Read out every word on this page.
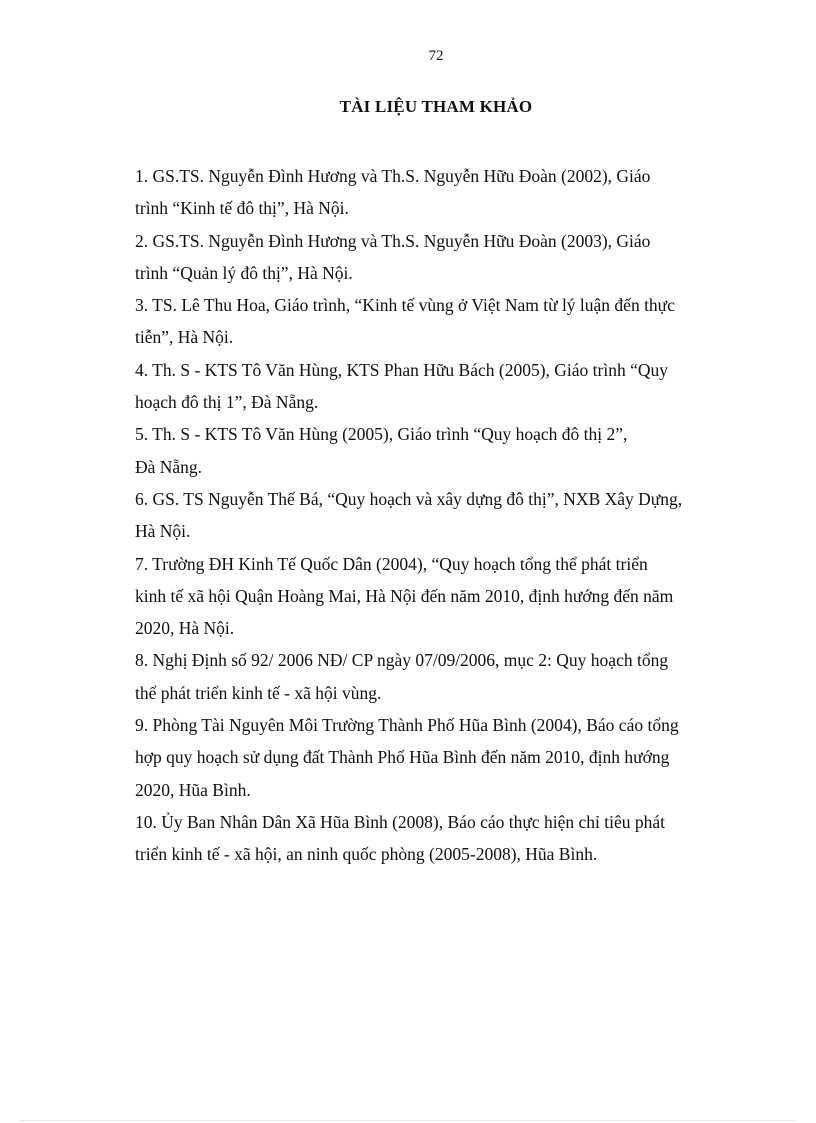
72
TÀI LIỆU THAM KHẢO
1. GS.TS. Nguyễn Đình Hương và Th.S. Nguyễn Hữu Đoàn (2002), Giáo
trình “Kinh tế đô thị”, Hà Nội.
2. GS.TS. Nguyễn Đình Hương và Th.S. Nguyễn Hữu Đoàn (2003), Giáo
trình “Quản lý đô thị”, Hà Nội.
3. TS. Lê Thu Hoa, Giáo trình, “Kinh tế vùng ở Việt Nam từ lý luận đến thực
tiễn”, Hà Nội.
4. Th. S - KTS Tô Văn Hùng, KTS Phan Hữu Bách (2005), Giáo trình “Quy
hoạch đô thị 1”, Đà Nẵng.
5. Th. S - KTS Tô Văn Hùng (2005), Giáo trình “Quy hoạch đô thị 2”,
Đà Nẵng.
6. GS. TS Nguyễn Thế Bá, “Quy hoạch và xây dựng đô thị”, NXB Xây Dựng,
Hà Nội.
7. Trường ĐH Kinh Tế Quốc Dân (2004), “Quy hoạch tổng thể phát triển
kinh tế xã hội Quận Hoàng Mai, Hà Nội đến năm 2010, định hướng đến năm
2020, Hà Nội.
8. Nghị Định số 92/ 2006 NĐ/ CP ngày 07/09/2006, mục 2: Quy hoạch tổng
thể phát triển kinh tế - xã hội vùng.
9. Phòng Tài Nguyên Môi Trường Thành Phố Hũa Bình (2004), Báo cáo tổng
hợp quy hoạch sử dụng đất Thành Phố Hũa Bình đến năm 2010, định hướng
2020, Hũa Bình.
10. Ủy Ban Nhân Dân Xã Hũa Bình (2008), Báo cáo thực hiện chỉ tiêu phát
triển kinh tế - xã hội, an ninh quốc phòng (2005-2008), Hũa Bình.
